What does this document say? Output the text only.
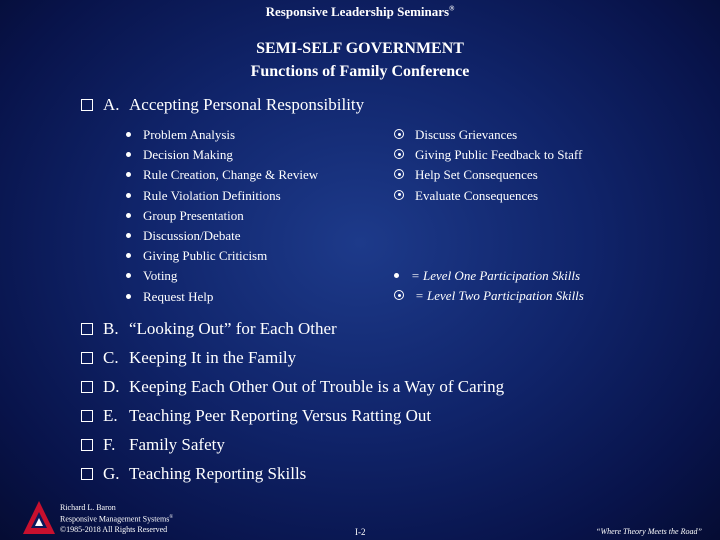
Responsive Leadership Seminars®
SEMI-SELF GOVERNMENT
Functions of Family Conference
A. Accepting Personal Responsibility
Problem Analysis
Decision Making
Rule Creation, Change & Review
Rule Violation Definitions
Group Presentation
Discussion/Debate
Giving Public Criticism
Voting
Request Help
Discuss Grievances
Giving Public Feedback to Staff
Help Set Consequences
Evaluate Consequences
= Level One Participation Skills
= Level Two Participation Skills
B. “Looking Out” for Each Other
C. Keeping It in the Family
D. Keeping Each Other Out of Trouble is a Way of Caring
E. Teaching Peer Reporting Versus Ratting Out
F. Family Safety
G. Teaching Reporting Skills
Richard L. Baron
Responsive Management Systems®
©1985-2018 All Rights Reserved	I-2	“Where Theory Meets the Road”
